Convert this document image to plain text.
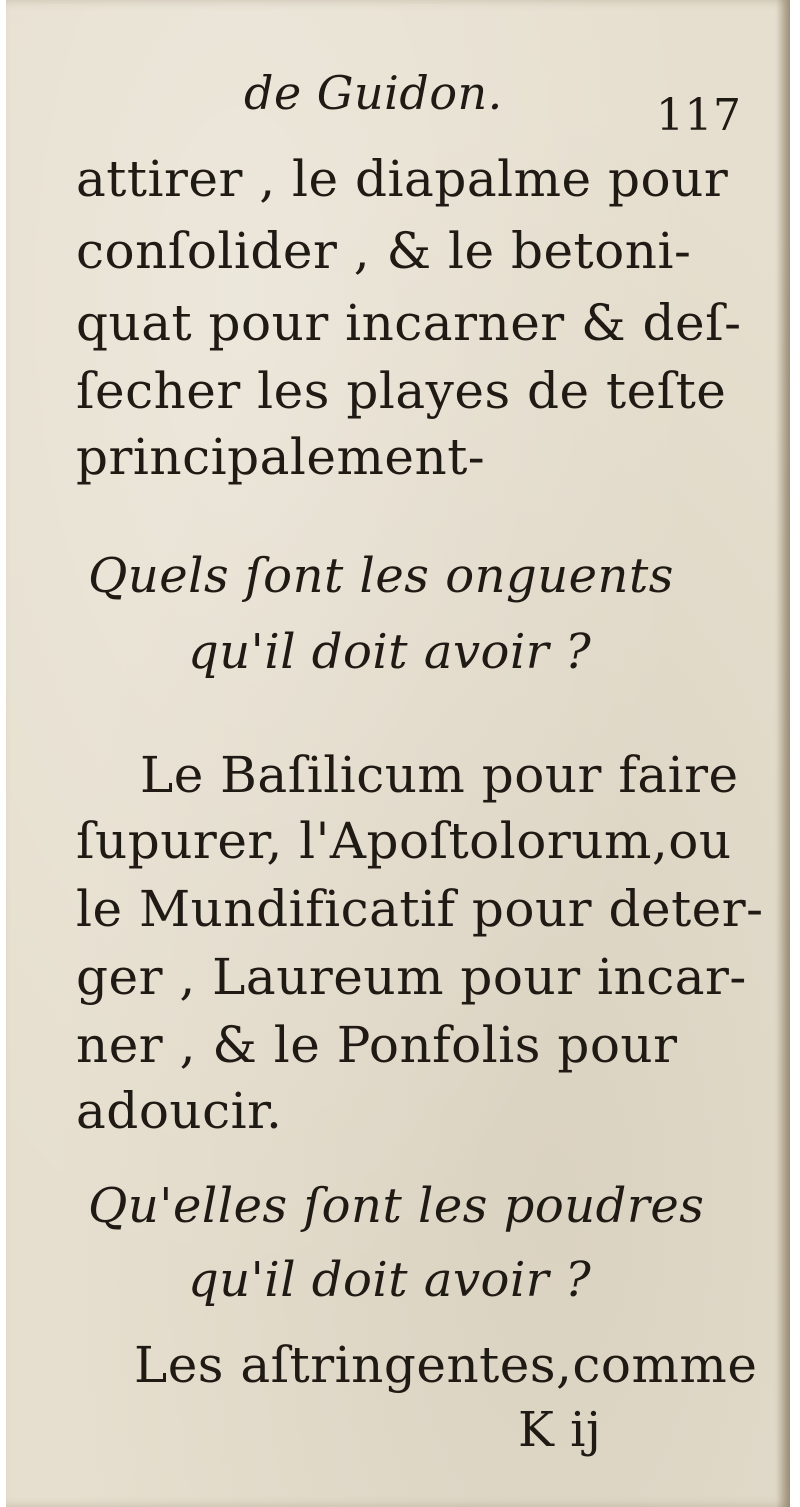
de Guidon.	117
attirer , le diapalme pour
conſolider , & le betoni-
quat pour incarner & deſ-
ſecher les playes de teſte
principalement-
Quels ſont les onguents
qu'il doit avoir ?
Le Baſilicum pour faire
ſupurer, l'Apoſtolorum,ou
le Mundificatif pour deter-
ger , Laureum pour incar-
ner , & le Ponfolis pour
adoucir.
Qu'elles ſont les poudres
qu'il doit avoir ?
Les aſtringentes,comme
K ij
